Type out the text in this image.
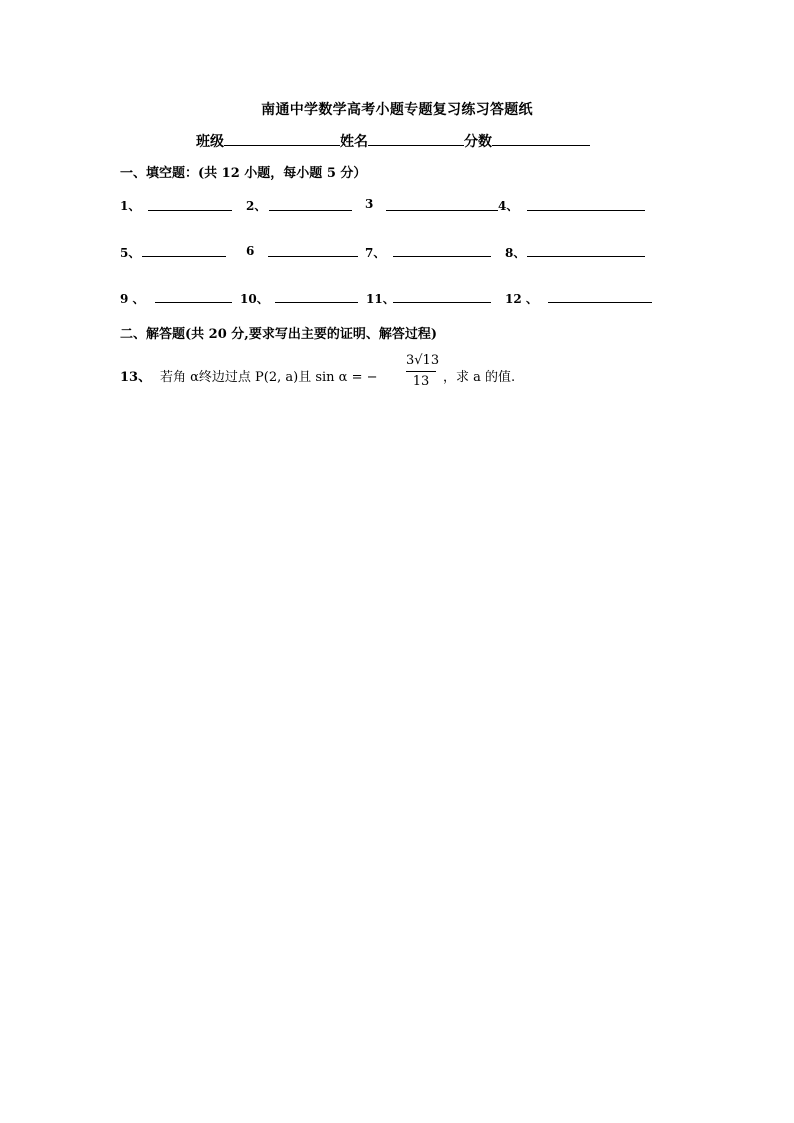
南通中学数学高考小题专题复习练习答题纸
班级	姓名	分数
一、填空题：(共 12 小题，每小题 5 分）
1、	2、	3	4、
5、	6	7、	8、
9 、	10、	11、	12 、
二、解答题(共 20 分,要求写出主要的证明、解答过程)
13、 若角 α终边过点 P(2, a)且 sin α = −
3√13
13	，求 a 的值.
